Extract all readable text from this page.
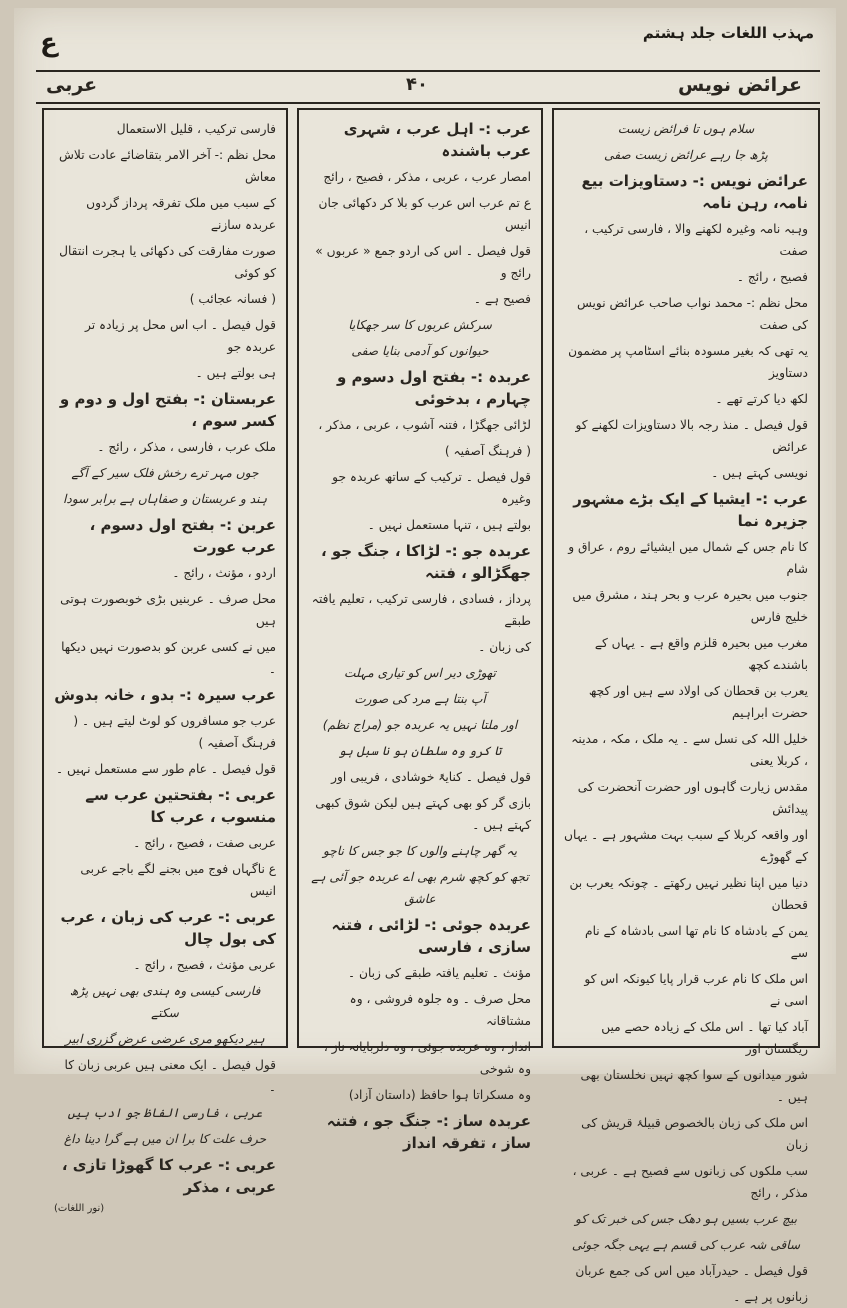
مہذب اللغات جلد ہشتم
ع
عرائض نویس
۴۰
عربی

سلام ہوں تا فرائض زیست

پڑھ جا رہے عرائض زیست صفی

عرائض نویس :- دستاویزات بیع نامہ، رہن نامہ

وہبہ نامہ وغیرہ لکھنے والا ، فارسی ترکیب ، صفت

فصیح ، رائج ۔

محل نظم :- محمد نواب صاحب عرائض نویس کی صفت

یہ تھی کہ بغیر مسودہ بنائے اسٹامپ پر مضمون دستاویز

لکھ دیا کرتے تھے ۔

قول فیصل ۔ منذ رجہ بالا دستاویزات لکھنے کو عرائض

نویسی کہتے ہیں ۔

عرب :- ایشیا کے ایک بڑے مشہور جزیرہ نما

کا نام جس کے شمال میں ایشیائے روم ، عراق و شام

جنوب میں بحیرہ عرب و بحر ہند ، مشرق میں خلیج فارس

مغرب میں بحیرہ قلزم واقع ہے ۔ یہاں کے باشندے کچھ

یعرب بن قحطان کی اولاد سے ہیں اور کچھ حضرت ابراہیم

خلیل اللہ کی نسل سے ۔ یہ ملک ، مکہ ، مدینہ ، کربلا یعنی

مقدس زیارت گاہوں اور حضرت آنحضرت کی پیدائش

اور واقعہ کربلا کے سبب بہت مشہور ہے ۔ یہاں کے گھوڑے

دنیا میں اپنا نظیر نہیں رکھتے ۔ چونکہ یعرب بن قحطان

یمن کے بادشاہ کا نام تھا اسی بادشاہ کے نام سے

اس ملک کا نام عرب قرار پایا کیونکہ اس کو اسی نے

آباد کیا تھا ۔ اس ملک کے زیادہ حصے میں ریگستان اور

شور میدانوں کے سوا کچھ نہیں نخلستان بھی ہیں ۔

اس ملک کی زبان بالخصوص قبیلۂ قریش کی زبان

سب ملکوں کی زبانوں سے فصیح ہے ۔ عربی ، مذکر ، رائج

بیچ عرب بسیں ہو دھک جس کی خبر تک کو

ساقی شہ عرب کی قسم ہے یہی جگہ جوئی

قول فیصل ۔ حیدرآباد میں اس کی جمع عربان

زبانوں پر ہے ۔

عرب :- اہل عرب ، شہری عرب باشندہ

امصار عرب ، عربی ، مذکر ، فصیح ، رائج

ع تم عرب اس عرب کو بلا کر دکھائی جان انیس

قول فیصل ۔ اس کی اردو جمع « عربوں » رائج و

فصیح ہے ۔

سرکش عربوں کا سر جھکایا

حیوانوں کو آدمی بنایا صفی

عربدہ :- بفتح اول دسوم و چہارم ، بدخوئی

لڑائی جھگڑا ، فتنہ آشوب ، عربی ، مذکر ،

( فرہنگ آصفیہ )

قول فیصل ۔ ترکیب کے ساتھ عربدہ جو وغیرہ

بولتے ہیں ، تنہا مستعمل نہیں ۔

عربدہ جو :- لڑاکا ، جنگ جو ، جھگڑالو ، فتنہ

پرداز ، فسادی ، فارسی ترکیب ، تعلیم یافتہ طبقے

کی زبان ۔

تھوڑی دیر اس کو تیاری مہلت

آپ بنتا ہے مرد کی صورت

اور ملتا نہیں یہ عربدہ جو (مراج نظم)

تا کرو وہ سلطان ہو نا سبل ہو

قول فیصل ۔ کنایۃً خوشادی ، فریبی اور

بازی گر کو بھی کہتے ہیں لیکن شوق کبھی کہتے ہیں ۔

یہ گھر چاہنے والوں کا جو جس کا ناچو

تجھ کو کچھ شرم بھی اے عربدہ جو آئی ہے عاشق

عربدہ جوئی :- لڑائی ، فتنہ سازی ، فارسی

مؤنث ۔ تعلیم یافتہ طبقے کی زبان ۔

محل صرف ۔ وہ جلوہ فروشی ، وہ مشتاقانہ

انداز ، وہ عربدہ جوئی ، وہ دلربایانہ ناز ، وہ شوخی

وہ مسکراتا ہوا حافظ (داستان آزاد)

عربدہ ساز :- جنگ جو ، فتنہ ساز ، تفرقہ انداز

فارسی ترکیب ، قلیل الاستعمال

محل نظم :- آخر الامر بتقاضائے عادت تلاش معاش

کے سبب میں ملک تفرقہ پرداز گردوں عربدہ سازنے

صورت مفارقت کی دکھائی یا ہجرت انتقال کو کوئی

( فسانہ عجائب )

قول فیصل ۔ اب اس محل پر زیادہ تر عربدہ جو

ہی بولتے ہیں ۔

عربستان :- بفتح اول و دوم و کسر سوم ،

ملک عرب ، فارسی ، مذکر ، رائج ۔

جوں مہر ترے رخش فلک سیر کے آگے

ہند و عربستان و صفاہاں ہے برابر سودا

عربن :- بفتح اول دسوم ، عرب عورت

اردو ، مؤنث ، رائج ۔

محل صرف ۔ عربنیں بڑی خوبصورت ہوتی ہیں

میں نے کسی عربن کو بدصورت نہیں دیکھا ۔

عرب سیرہ :- بدو ، خانہ بدوش

عرب جو مسافروں کو لوٹ لیتے ہیں ۔ ( فرہنگ آصفیہ )

قول فیصل ۔ عام طور سے مستعمل نہیں ۔

عربی :- بفتحتین عرب سے منسوب ، عرب کا

عربی صفت ، فصیح ، رائج ۔

ع ناگہاں فوج میں بجنے لگے باجے عربی انیس

عربی :- عرب کی زبان ، عرب کی بول چال

عربی مؤنث ، فصیح ، رائج ۔

فارسی کیسی وہ ہندی بھی نہیں پڑھ سکتے

ہیر دیکھو مری عرضی عرض گزری ابیر

قول فیصل ۔ ایک معنی ہیں عربی زبان کا ۔

عربی ، فارسی الفاظ جو ادب ہیں

حرف علت کا برا ان میں ہے گرا دینا داغ

عربی :- عرب کا گھوڑا تازی ، عربی ، مذکر

(نور اللغات)
